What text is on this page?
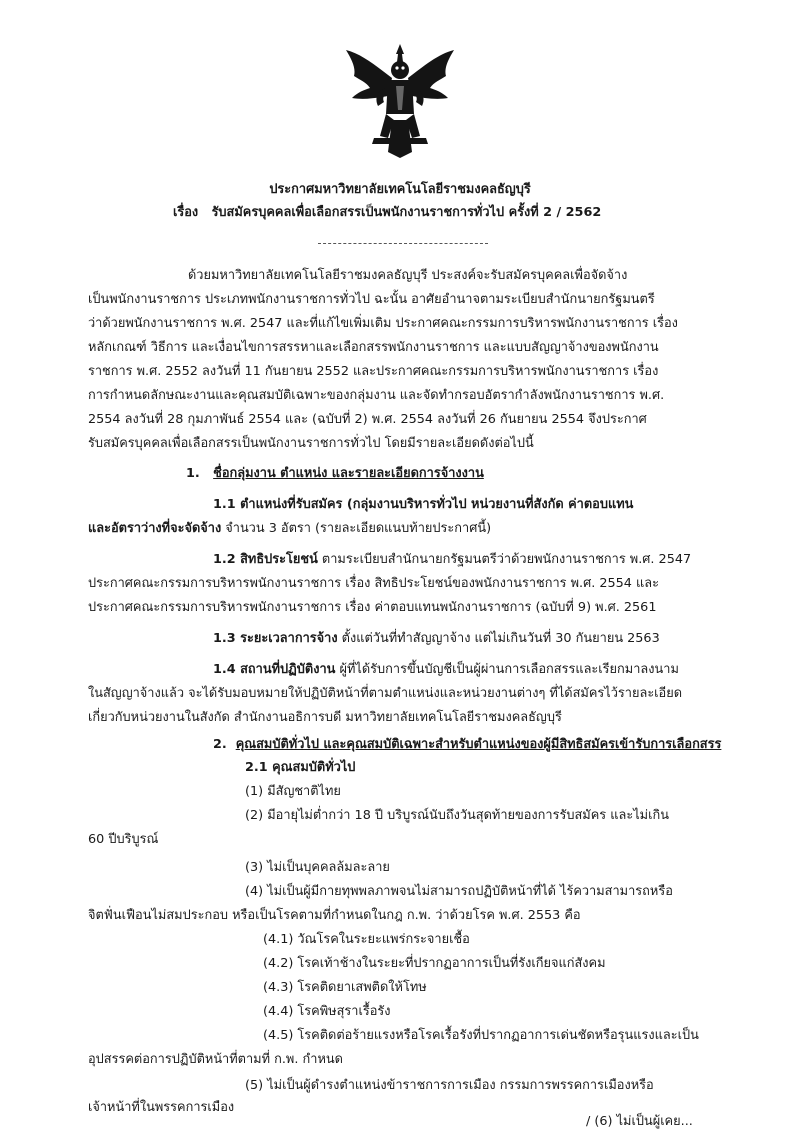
ประกาศมหาวิทยาลัยเทคโนโลยีราชมงคลธัญบุรี
เรื่อง รับสมัครบุคคลเพื่อเลือกสรรเป็นพนักงานราชการทั่วไป ครั้งที่ 2 / 2562
ด้วยมหาวิทยาลัยเทคโนโลยีราชมงคลธัญบุรี ประสงค์จะรับสมัครบุคคลเพื่อจัดจ้าง
เป็นพนักงานราชการ ประเภทพนักงานราชการทั่วไป ฉะนั้น อาศัยอำนาจตามระเบียบสำนักนายกรัฐมนตรี
ว่าด้วยพนักงานราชการ พ.ศ. 2547 และที่แก้ไขเพิ่มเติม ประกาศคณะกรรมการบริหารพนักงานราชการ เรื่อง
หลักเกณฑ์ วิธีการ และเงื่อนไขการสรรหาและเลือกสรรพนักงานราชการ และแบบสัญญาจ้างของพนักงาน
ราชการ พ.ศ. 2552 ลงวันที่ 11 กันยายน 2552 และประกาศคณะกรรมการบริหารพนักงานราชการ เรื่อง
การกำหนดลักษณะงานและคุณสมบัติเฉพาะของกลุ่มงาน และจัดทำกรอบอัตรากำลังพนักงานราชการ พ.ศ.
2554 ลงวันที่ 28 กุมภาพันธ์ 2554 และ (ฉบับที่ 2) พ.ศ. 2554 ลงวันที่ 26 กันยายน 2554 จึงประกาศ
รับสมัครบุคคลเพื่อเลือกสรรเป็นพนักงานราชการทั่วไป โดยมีรายละเอียดดังต่อไปนี้
1. ชื่อกลุ่มงาน ตำแหน่ง และรายละเอียดการจ้างงาน
1.1 ตำแหน่งที่รับสมัคร (กลุ่มงานบริหารทั่วไป หน่วยงานที่สังกัด ค่าตอบแทน
และอัตราว่างที่จะจัดจ้าง จำนวน 3 อัตรา (รายละเอียดแนบท้ายประกาศนี้)
1.2 สิทธิประโยชน์ ตามระเบียบสำนักนายกรัฐมนตรีว่าด้วยพนักงานราชการ พ.ศ. 2547
ประกาศคณะกรรมการบริหารพนักงานราชการ เรื่อง สิทธิประโยชน์ของพนักงานราชการ พ.ศ. 2554 และ
ประกาศคณะกรรมการบริหารพนักงานราชการ เรื่อง ค่าตอบแทนพนักงานราชการ (ฉบับที่ 9) พ.ศ. 2561
1.3 ระยะเวลาการจ้าง ตั้งแต่วันที่ทำสัญญาจ้าง แต่ไม่เกินวันที่ 30 กันยายน 2563
1.4 สถานที่ปฏิบัติงาน ผู้ที่ได้รับการขึ้นบัญชีเป็นผู้ผ่านการเลือกสรรและเรียกมาลงนาม
ในสัญญาจ้างแล้ว จะได้รับมอบหมายให้ปฏิบัติหน้าที่ตามตำแหน่งและหน่วยงานต่างๆ ที่ได้สมัครไว้รายละเอียด
เกี่ยวกับหน่วยงานในสังกัด สำนักงานอธิการบดี มหาวิทยาลัยเทคโนโลยีราชมงคลธัญบุรี
2. คุณสมบัติทั่วไป และคุณสมบัติเฉพาะสำหรับตำแหน่งของผู้มีสิทธิสมัครเข้ารับการเลือกสรร
2.1 คุณสมบัติทั่วไป
(1) มีสัญชาติไทย
(2) มีอายุไม่ต่ำกว่า 18 ปี บริบูรณ์นับถึงวันสุดท้ายของการรับสมัคร และไม่เกิน
60 ปีบริบูรณ์
(3) ไม่เป็นบุคคลล้มละลาย
(4) ไม่เป็นผู้มีกายทุพพลภาพจนไม่สามารถปฏิบัติหน้าที่ได้ ไร้ความสามารถหรือ
จิตฟั่นเฟือนไม่สมประกอบ หรือเป็นโรคตามที่กำหนดในกฎ ก.พ. ว่าด้วยโรค พ.ศ. 2553 คือ
(4.1) วัณโรคในระยะแพร่กระจายเชื้อ
(4.2) โรคเท้าช้างในระยะที่ปรากฏอาการเป็นที่รังเกียจแก่สังคม
(4.3) โรคติดยาเสพติดให้โทษ
(4.4) โรคพิษสุราเรื้อรัง
(4.5) โรคติดต่อร้ายแรงหรือโรคเรื้อรังที่ปรากฏอาการเด่นชัดหรือรุนแรงและเป็น
อุปสรรคต่อการปฏิบัติหน้าที่ตามที่ ก.พ. กำหนด
(5) ไม่เป็นผู้ดำรงตำแหน่งข้าราชการการเมือง กรรมการพรรคการเมืองหรือ
เจ้าหน้าที่ในพรรคการเมือง
/ (6) ไม่เป็นผู้เคย...
